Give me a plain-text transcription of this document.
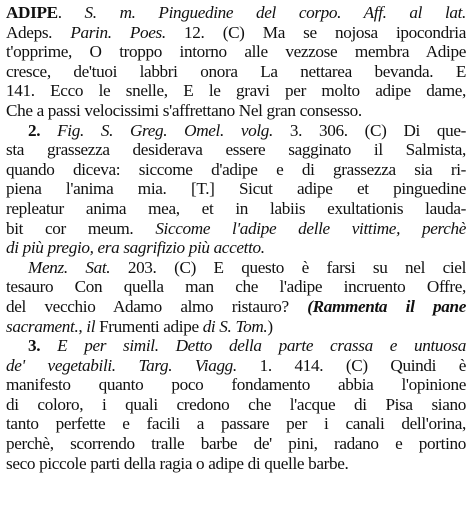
ADIPE. S. m. Pinguedine del corpo. Aff. al lat.
Adeps. Parin. Poes. 12. (C) Ma se nojosa ipocondria
t'opprime, O troppo intorno alle vezzose membra Adipe
cresce, de'tuoi labbri onora La nettarea bevanda. E
141. Ecco le snelle, E le gravi per molto adipe dame,
Che a passi velocissimi s'affrettano Nel gran consesso.
2. Fig. S. Greg. Omel. volg. 3. 306. (C) Di que-
sta grassezza desiderava essere sagginato il Salmista,
quando diceva: siccome d'adipe e di grassezza sia ri-
piena l'anima mia. [T.] Sicut adipe et pinguedine
repleatur anima mea, et in labiis exultationis lauda-
bit cor meum. Siccome l'adipe delle vittime, perchè
di più pregio, era sagrifizio più accetto.
Menz. Sat. 203. (C) E questo è farsi su nel ciel
tesauro Con quella man che l'adipe incruento Offre,
del vecchio Adamo almo ristauro? (Rammenta il pane
sacrament., il Frumenti adipe di S. Tom.)
3. E per simil. Detto della parte crassa e untuosa
de' vegetabili. Targ. Viagg. 1. 414. (C) Quindi è
manifesto quanto poco fondamento abbia l'opinione
di coloro, i quali credono che l'acque di Pisa siano
tanto perfette e facili a passare per i canali dell'orina,
perchè, scorrendo tralle barbe de' pini, radano e portino
seco piccole parti della ragia o adipe di quelle barbe.
